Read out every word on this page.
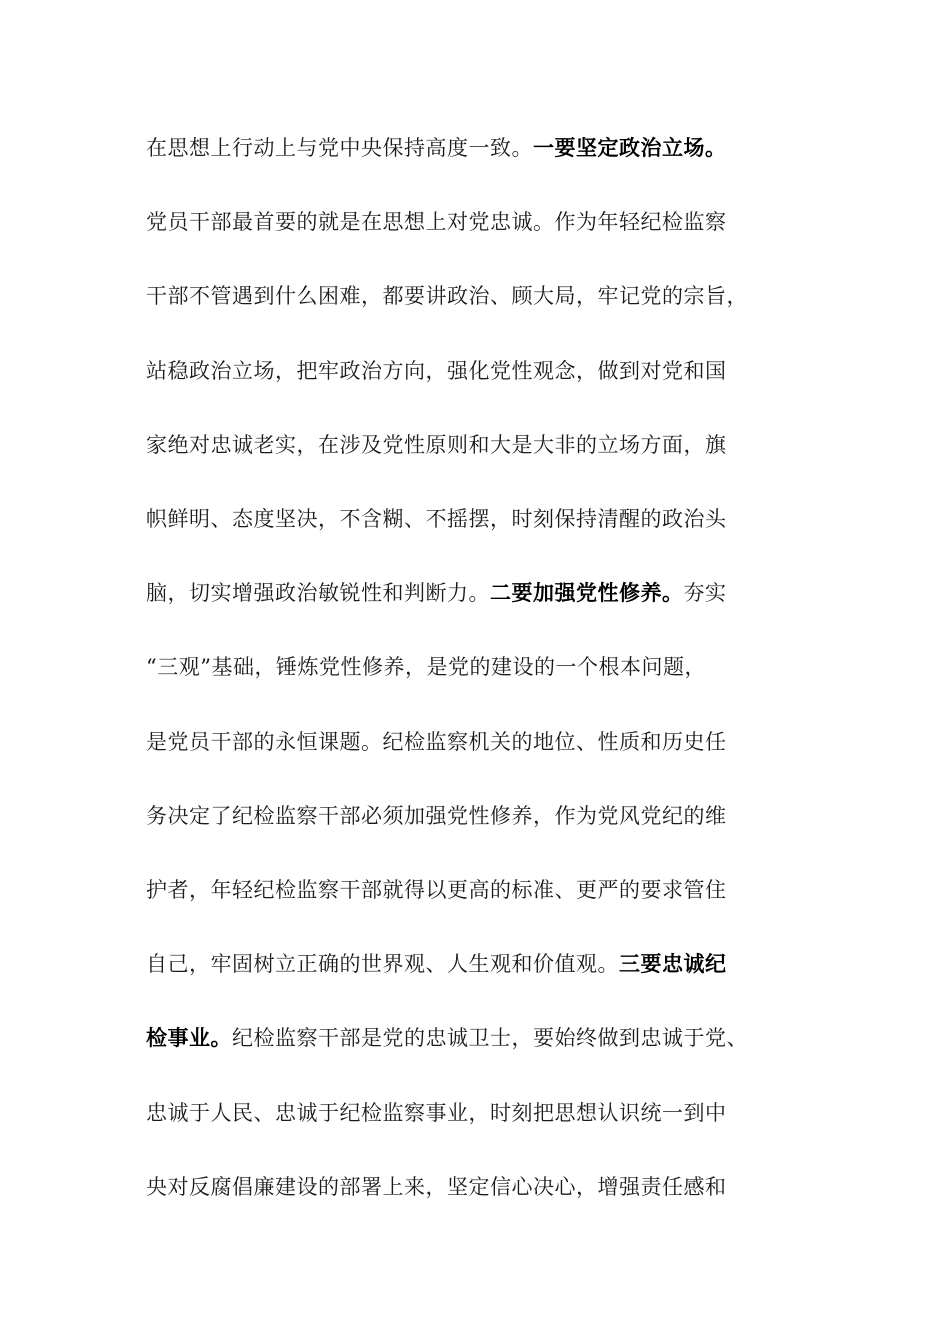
在思想上行动上与党中央保持高度一致。一要坚定政治立场。
党员干部最首要的就是在思想上对党忠诚。作为年轻纪检监察
干部不管遇到什么困难，都要讲政治、顾大局，牢记党的宗旨，
站稳政治立场，把牢政治方向，强化党性观念，做到对党和国
家绝对忠诚老实，在涉及党性原则和大是大非的立场方面，旗
帜鲜明、态度坚决，不含糊、不摇摆，时刻保持清醒的政治头
脑，切实增强政治敏锐性和判断力。二要加强党性修养。夯实
“三观”基础，锤炼党性修养，是党的建设的一个根本问题，
是党员干部的永恒课题。纪检监察机关的地位、性质和历史任
务决定了纪检监察干部必须加强党性修养，作为党风党纪的维
护者，年轻纪检监察干部就得以更高的标准、更严的要求管住
自己，牢固树立正确的世界观、人生观和价值观。三要忠诚纪
检事业。纪检监察干部是党的忠诚卫士，要始终做到忠诚于党、
忠诚于人民、忠诚于纪检监察事业，时刻把思想认识统一到中
央对反腐倡廉建设的部署上来，坚定信心决心，增强责任感和
